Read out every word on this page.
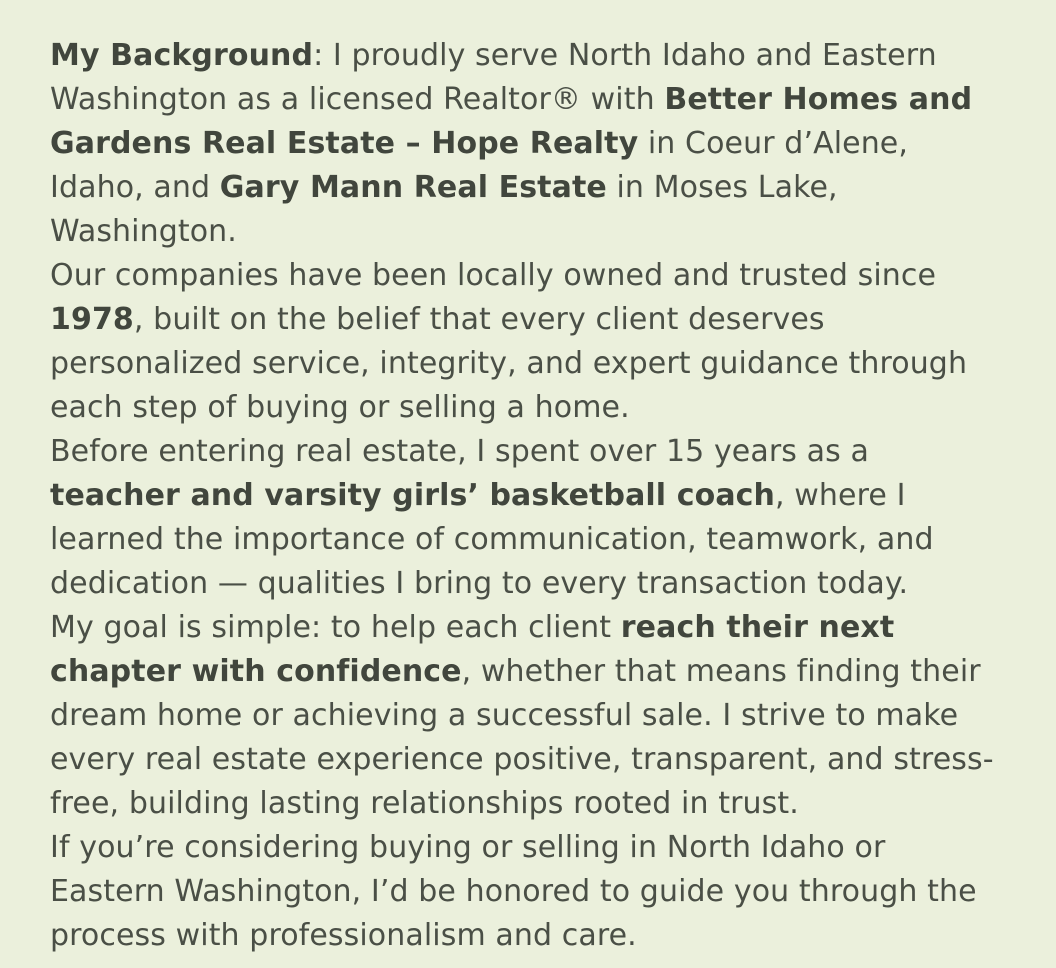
My Background: I proudly serve North Idaho and Eastern Washington as a licensed Realtor® with Better Homes and Gardens Real Estate – Hope Realty in Coeur d’Alene, Idaho, and Gary Mann Real Estate in Moses Lake, Washington.

Our companies have been locally owned and trusted since 1978, built on the belief that every client deserves personalized service, integrity, and expert guidance through each step of buying or selling a home.

Before entering real estate, I spent over 15 years as a teacher and varsity girls’ basketball coach, where I learned the importance of communication, teamwork, and dedication — qualities I bring to every transaction today.

My goal is simple: to help each client reach their next chapter with confidence, whether that means finding their dream home or achieving a successful sale. I strive to make every real estate experience positive, transparent, and stress-free, building lasting relationships rooted in trust.

If you’re considering buying or selling in North Idaho or Eastern Washington, I’d be honored to guide you through the process with professionalism and care.
